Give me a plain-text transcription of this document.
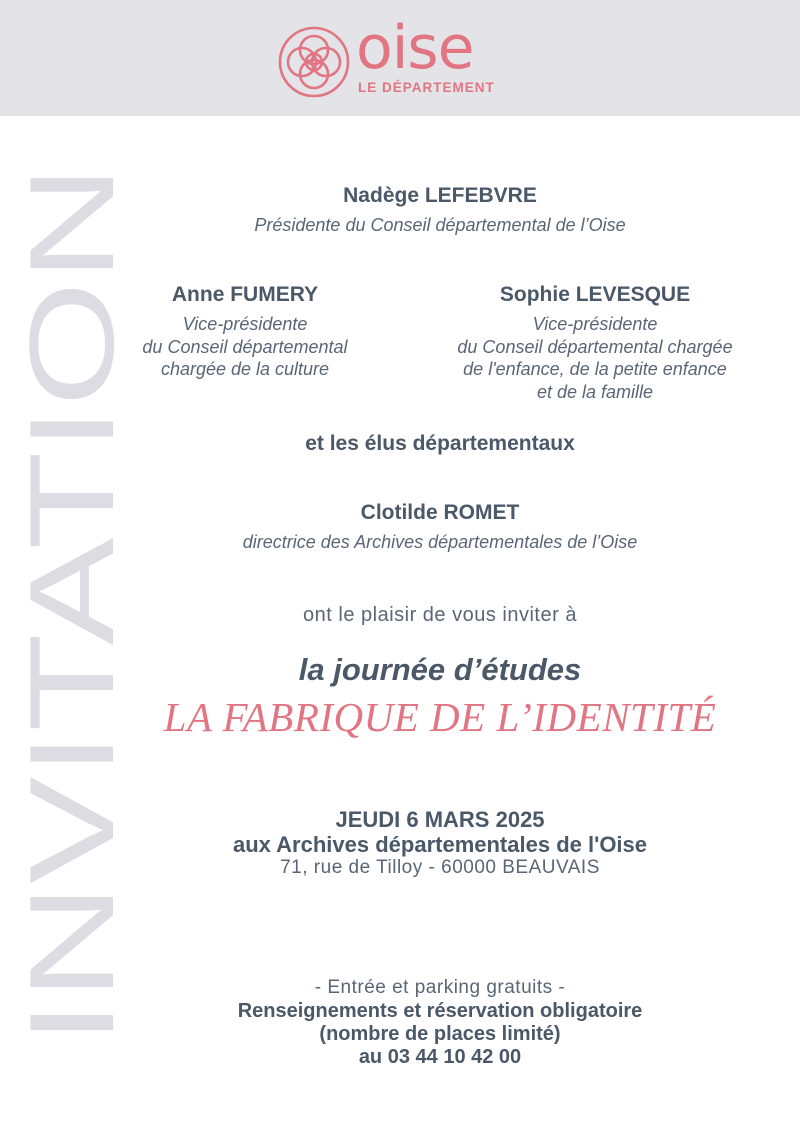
oise
LE DÉPARTEMENT
INVITATION
Nadège LEFEBVRE
Présidente du Conseil départemental de l’Oise
Anne FUMERY
Vice-présidente
du Conseil départemental
chargée de la culture
Sophie LEVESQUE
Vice-présidente
du Conseil départemental chargée
de l'enfance, de la petite enfance
et de la famille
et les élus départementaux
Clotilde ROMET
directrice des Archives départementales de l’Oise
ont le plaisir de vous inviter à
la journée d’études
LA FABRIQUE DE L’IDENTITÉ
JEUDI 6 MARS 2025
aux Archives départementales de l'Oise
71, rue de Tilloy - 60000 BEAUVAIS
- Entrée et parking gratuits -
Renseignements et réservation obligatoire
(nombre de places limité)
au 03 44 10 42 00
